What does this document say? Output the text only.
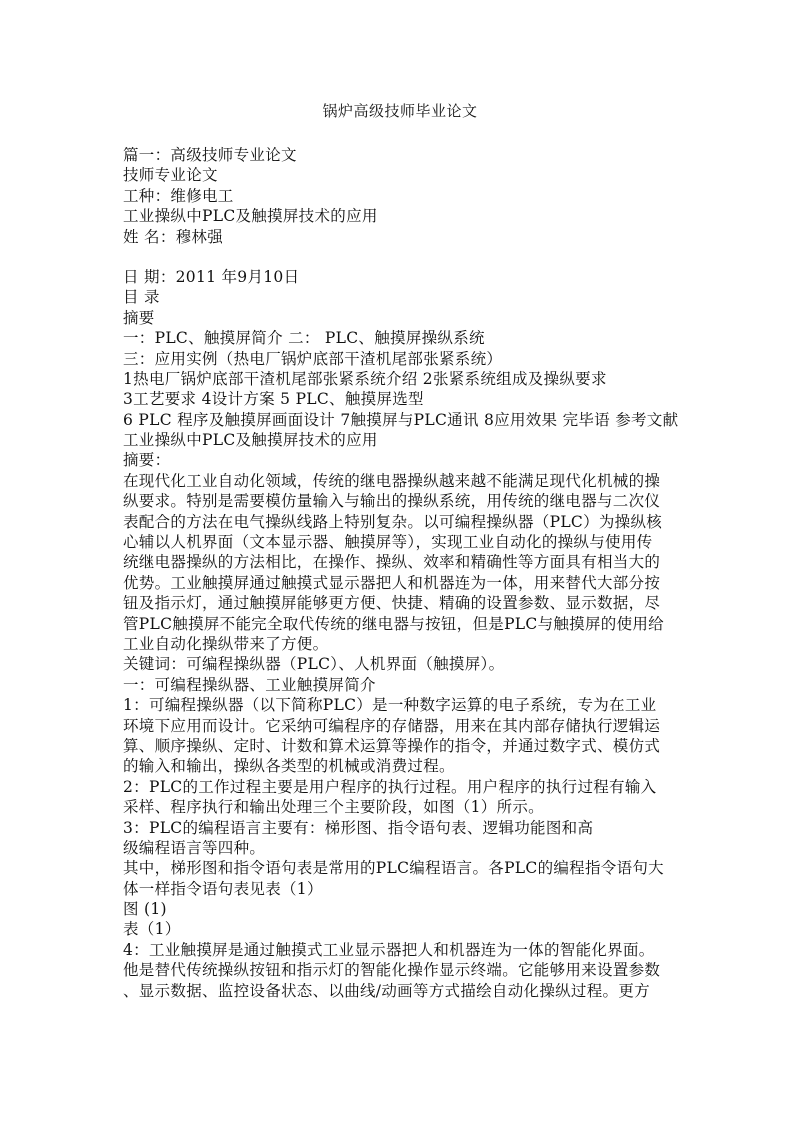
锅炉高级技师毕业论文
篇一：高级技师专业论文
技师专业论文
工种：维修电工
工业操纵中PLC及触摸屏技术的应用
姓 名：穆林强
日 期：2011 年9月10日
目 录
摘要
一：PLC、触摸屏简介 二： PLC、触摸屏操纵系统
三：应用实例（热电厂锅炉底部干渣机尾部张紧系统）
1热电厂锅炉底部干渣机尾部张紧系统介绍 2张紧系统组成及操纵要求
3工艺要求 4设计方案 5 PLC、触摸屏选型
6 PLC 程序及触摸屏画面设计 7触摸屏与PLC通讯 8应用效果 完毕语 参考文献
工业操纵中PLC及触摸屏技术的应用
摘要：
在现代化工业自动化领域，传统的继电器操纵越来越不能满足现代化机械的操
纵要求。特别是需要模仿量输入与输出的操纵系统，用传统的继电器与二次仪
表配合的方法在电气操纵线路上特别复杂。以可编程操纵器（PLC）为操纵核
心辅以人机界面（文本显示器、触摸屏等），实现工业自动化的操纵与使用传
统继电器操纵的方法相比，在操作、操纵、效率和精确性等方面具有相当大的
优势。工业触摸屏通过触摸式显示器把人和机器连为一体，用来替代大部分按
钮及指示灯，通过触摸屏能够更方便、快捷、精确的设置参数、显示数据，尽
管PLC触摸屏不能完全取代传统的继电器与按钮，但是PLC与触摸屏的使用给
工业自动化操纵带来了方便。
关键词：可编程操纵器（PLC）、人机界面（触摸屏）。
一：可编程操纵器、工业触摸屏简介
1：可编程操纵器（以下简称PLC）是一种数字运算的电子系统，专为在工业
环境下应用而设计。它采纳可编程序的存储器，用来在其内部存储执行逻辑运
算、顺序操纵、定时、计数和算术运算等操作的指令，并通过数字式、模仿式
的输入和输出，操纵各类型的机械或消费过程。
2：PLC的工作过程主要是用户程序的执行过程。用户程序的执行过程有输入
采样、程序执行和输出处理三个主要阶段，如图（1）所示。
3：PLC的编程语言主要有：梯形图、指令语句表、逻辑功能图和高
级编程语言等四种。
其中，梯形图和指令语句表是常用的PLC编程语言。各PLC的编程指令语句大
体一样指令语句表见表（1）
图 (1)
表（1）
4：工业触摸屏是通过触摸式工业显示器把人和机器连为一体的智能化界面。
他是替代传统操纵按钮和指示灯的智能化操作显示终端。它能够用来设置参数
、显示数据、监控设备状态、以曲线/动画等方式描绘自动化操纵过程。更方
